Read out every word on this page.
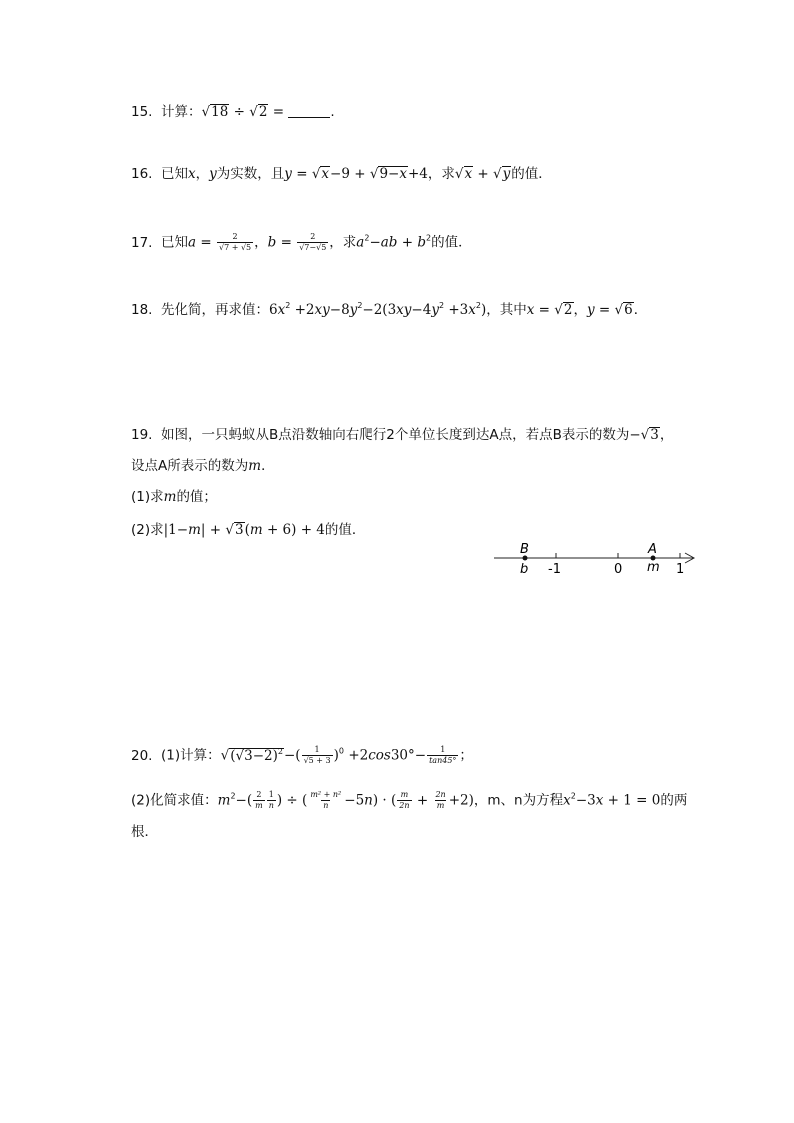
15. 计算：√18 ÷ √2 =	.
16. 已知x，y为实数，且y = √x−9 + √9−x+4，求√x + √y的值．
17. 已知$a = \frac{2}{√7 + √5}$ ，$b = \frac{2}{√7-√5}$ ，求$a^2-ab + b^2$的值．
18. 先化简，再求值：$6x^2 +2xy-8y^2-2(3xy-4y^2 +3x^2)$，其中x = √2，y = √6．
19. 如图，一只蚂蚁从B点沿数轴向右爬行2个单位长度到达A点，若点B表示的数为−√3，
设点A所表示的数为m．
(1)求m的值；
(2)求|1−m| + √3(m + 6) + 4的值．
B
b
A
m
-1	0	1
20. (1)计算：$√(√3-2)^2-( \frac{1}{√5 + 3} )^0 +2\cos 30^\circ- \frac{1}{\tan 45^\circ}$ ；
(2)化简求值：$m^2-( \frac{2}{m} \frac{1}{n}$ ) ÷ ( $\frac{\text{m² + n²}}{n} -5n$) · ( $\frac{m}{2n} + \frac{2n}{m} +2$)，m、n为方程$x^2-3x + 1 = 0$的两
根．
